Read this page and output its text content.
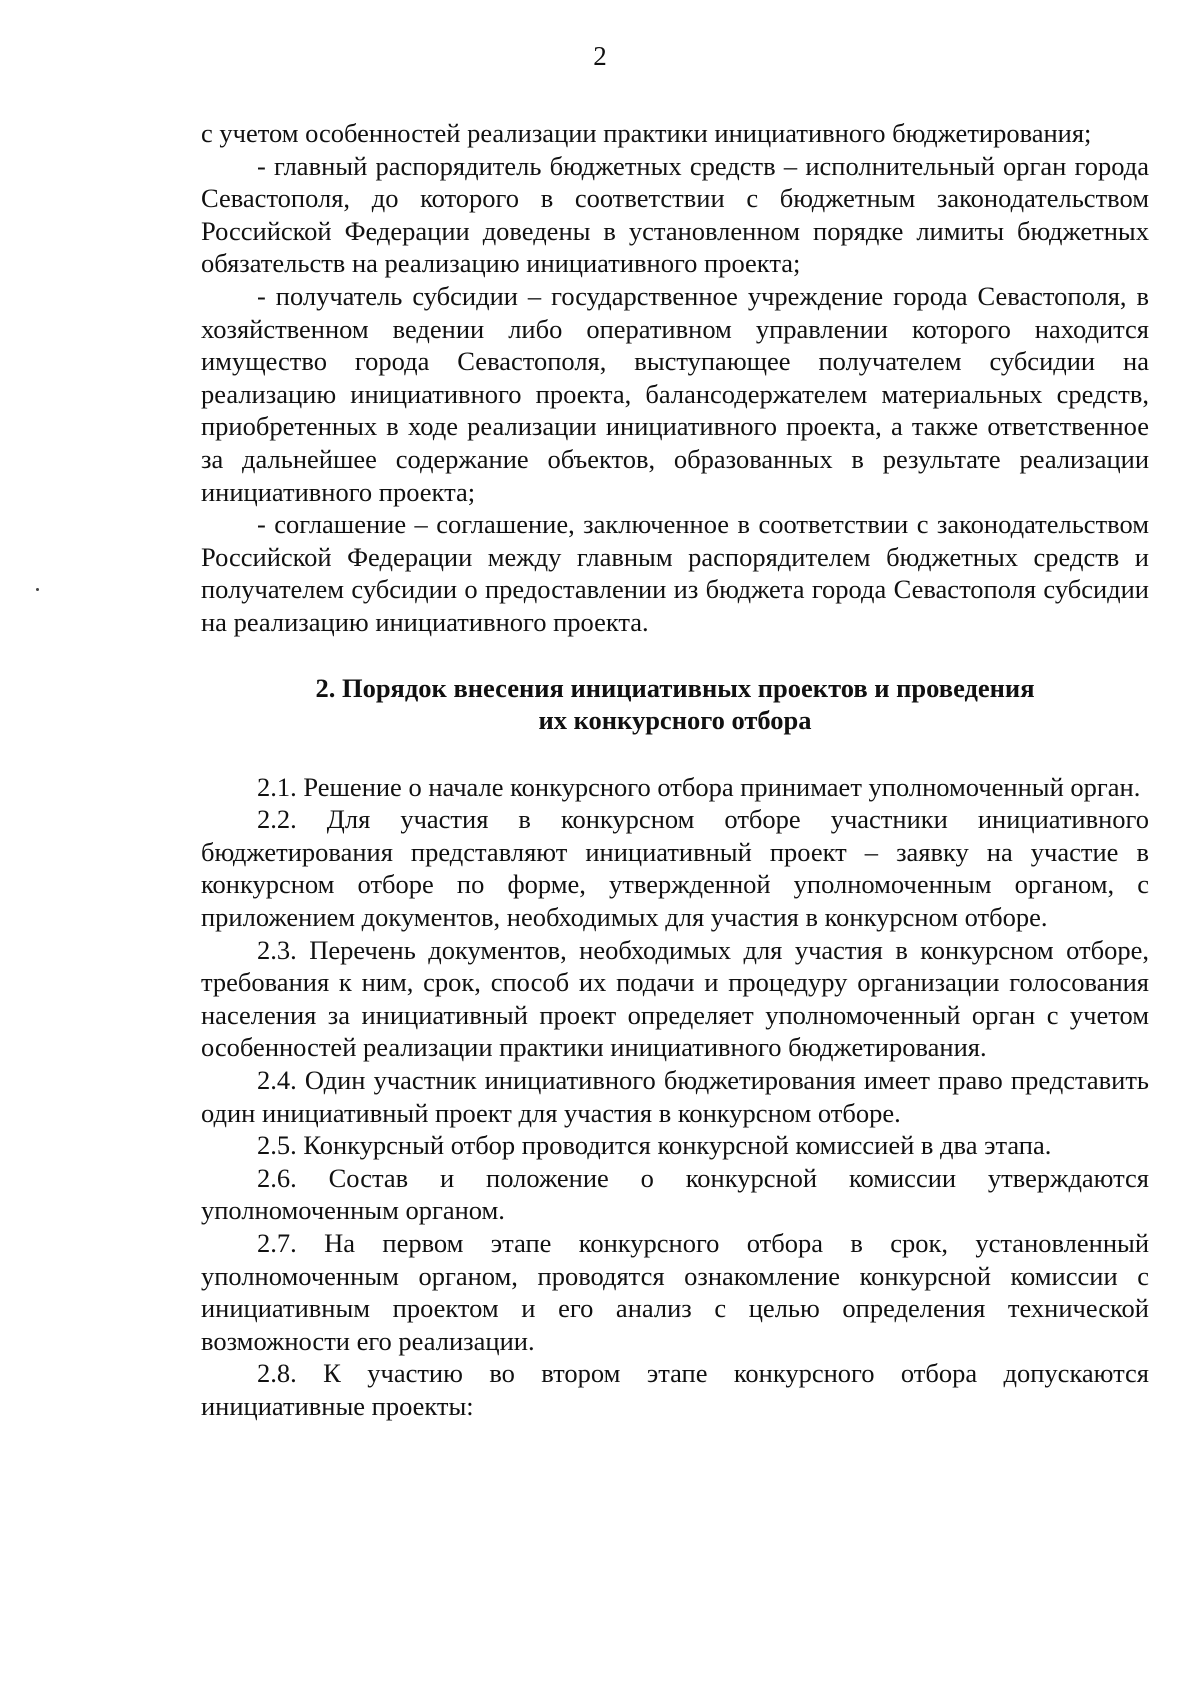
2

с учетом особенностей реализации практики инициативного бюджетирования;

- главный распорядитель бюджетных средств – исполнительный орган города Севастополя, до которого в соответствии с бюджетным законодательством Российской Федерации доведены в установленном порядке лимиты бюджетных обязательств на реализацию инициативного проекта;

- получатель субсидии – государственное учреждение города Севастополя, в хозяйственном ведении либо оперативном управлении которого находится имущество города Севастополя, выступающее получателем субсидии на реализацию инициативного проекта, балансодержателем материальных средств, приобретенных в ходе реализации инициативного проекта, а также ответственное за дальнейшее содержание объектов, образованных в результате реализации инициативного проекта;

- соглашение – соглашение, заключенное в соответствии с законодательством Российской Федерации между главным распорядителем бюджетных средств и получателем субсидии о предоставлении из бюджета города Севастополя субсидии на реализацию инициативного проекта.

2. Порядок внесения инициативных проектов и проведения

их конкурсного отбора

2.1. Решение о начале конкурсного отбора принимает уполномоченный орган.

2.2. Для участия в конкурсном отборе участники инициативного бюджетирования представляют инициативный проект – заявку на участие в конкурсном отборе по форме, утвержденной уполномоченным органом, с приложением документов, необходимых для участия в конкурсном отборе.

2.3. Перечень документов, необходимых для участия в конкурсном отборе, требования к ним, срок, способ их подачи и процедуру организации голосования населения за инициативный проект определяет уполномоченный орган с учетом особенностей реализации практики инициативного бюджетирования.

2.4. Один участник инициативного бюджетирования имеет право представить один инициативный проект для участия в конкурсном отборе.

2.5. Конкурсный отбор проводится конкурсной комиссией в два этапа.

2.6. Состав и положение о конкурсной комиссии утверждаются уполномоченным органом.

2.7. На первом этапе конкурсного отбора в срок, установленный уполномоченным органом, проводятся ознакомление конкурсной комиссии с инициативным проектом и его анализ с целью определения технической возможности его реализации.

2.8. К участию во втором этапе конкурсного отбора допускаются инициативные проекты:
